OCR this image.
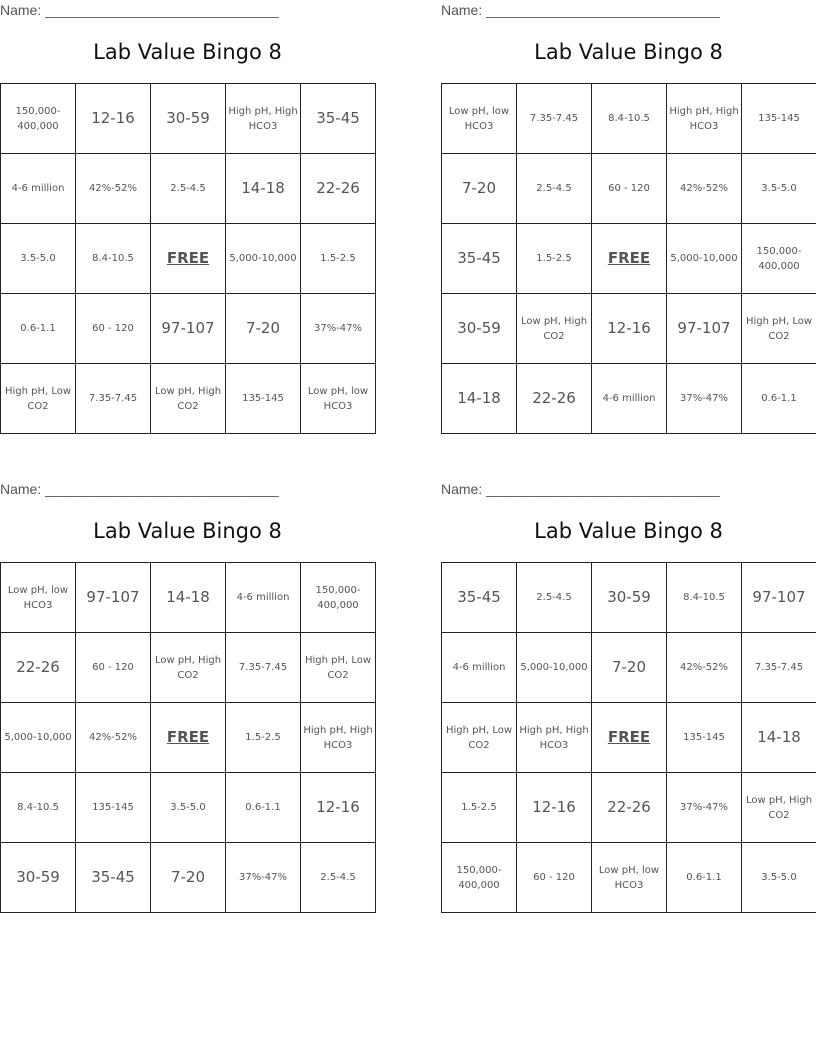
Name: ______________________________
Lab Value Bingo 8
150,000-400,000	12-16	30-59	High pH, High HCO3	35-45
4-6 million	42%-52%	2.5-4.5	14-18	22-26
3.5-5.0	8.4-10.5	FREE	5,000-10,000	1.5-2.5
0.6-1.1	60 - 120	97-107	7-20	37%-47%
High pH, Low CO2	7.35-7.45	Low pH, High CO2	135-145	Low pH, low HCO3
Name: ______________________________
Lab Value Bingo 8
Low pH, low HCO3	7.35-7.45	8.4-10.5	High pH, High HCO3	135-145
7-20	2.5-4.5	60 - 120	42%-52%	3.5-5.0
35-45	1.5-2.5	FREE	5,000-10,000	150,000-400,000
30-59	Low pH, High CO2	12-16	97-107	High pH, Low CO2
14-18	22-26	4-6 million	37%-47%	0.6-1.1
Name: ______________________________
Lab Value Bingo 8
Low pH, low HCO3	97-107	14-18	4-6 million	150,000-400,000
22-26	60 - 120	Low pH, High CO2	7.35-7.45	High pH, Low CO2
5,000-10,000	42%-52%	FREE	1.5-2.5	High pH, High HCO3
8.4-10.5	135-145	3.5-5.0	0.6-1.1	12-16
30-59	35-45	7-20	37%-47%	2.5-4.5
Name: ______________________________
Lab Value Bingo 8
35-45	2.5-4.5	30-59	8.4-10.5	97-107
4-6 million	5,000-10,000	7-20	42%-52%	7.35-7.45
High pH, Low CO2	High pH, High HCO3	FREE	135-145	14-18
1.5-2.5	12-16	22-26	37%-47%	Low pH, High CO2
150,000-400,000	60 - 120	Low pH, low HCO3	0.6-1.1	3.5-5.0
